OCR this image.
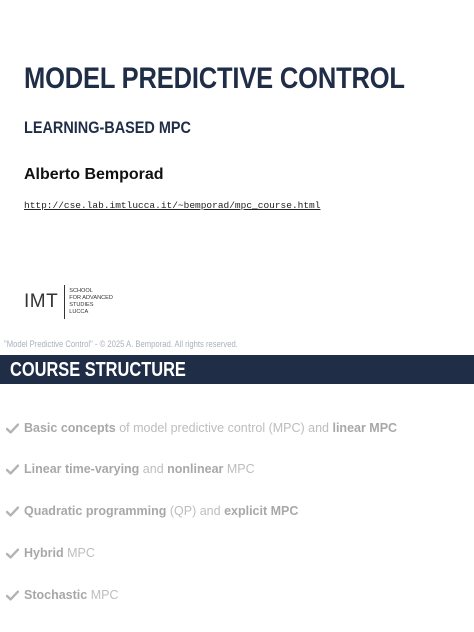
MODEL PREDICTIVE CONTROL
LEARNING-BASED MPC
Alberto Bemporad
http://cse.lab.imtlucca.it/~bemporad/mpc_course.html
IMT	SCHOOL
FOR ADVANCED
STUDIES
LUCCA
"Model Predictive Control" - © 2025 A. Bemporad. All rights reserved.
COURSE STRUCTURE
Basic concepts of model predictive control (MPC) and linear MPC
Linear time-varying and nonlinear MPC
Quadratic programming (QP) and explicit MPC
Hybrid MPC
Stochastic MPC
